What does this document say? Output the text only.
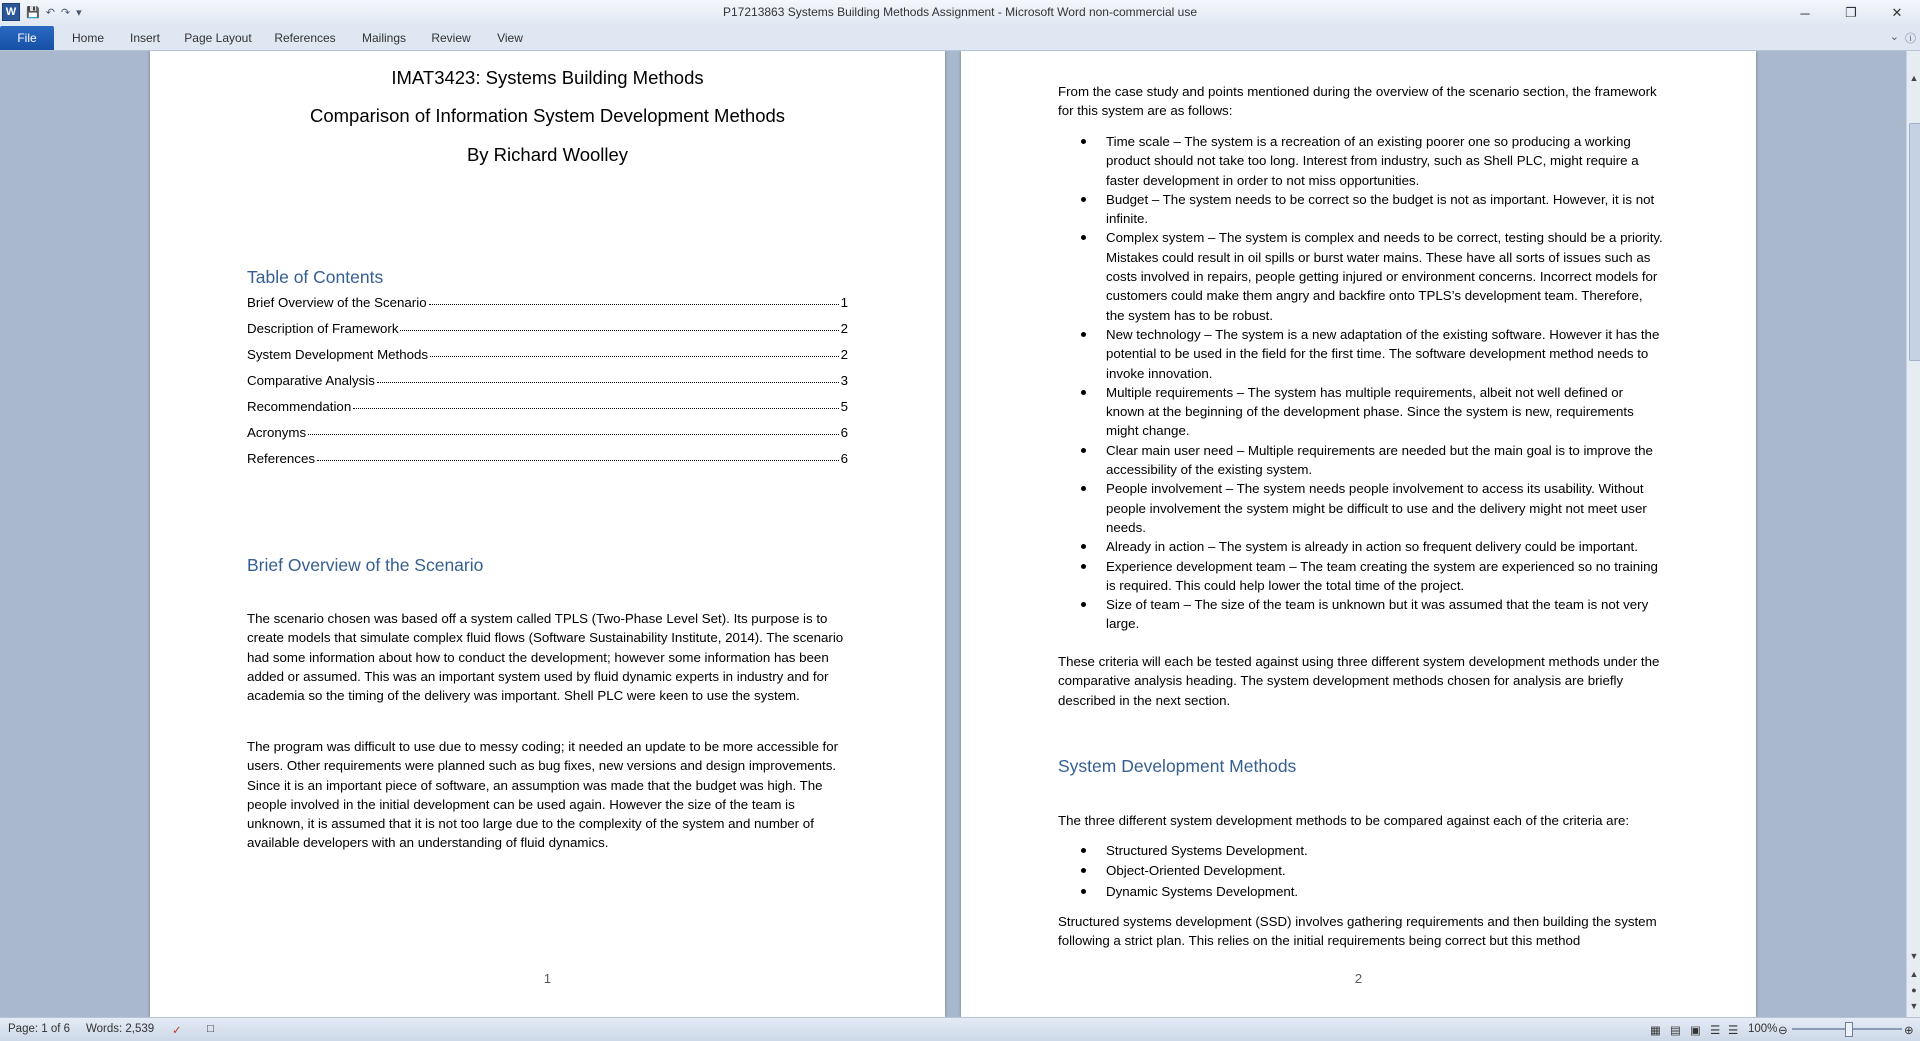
W 💾 ↶ ↷ ▾	P17213863 Systems Building Methods Assignment - Microsoft Word non-commercial use	─	❐	✕
File	Home	Insert	Page Layout	References	Mailings	Review	View	⌄ ⓘ
IMAT3423: Systems Building Methods
Comparison of Information System Development Methods
By Richard Woolley
Table of Contents
Brief Overview of the Scenario	1
Description of Framework	2
System Development Methods	2
Comparative Analysis	3
Recommendation	5
Acronyms	6
References	6
Brief Overview of the Scenario

The scenario chosen was based off a system called TPLS (Two-Phase Level Set). Its purpose is to create models that simulate complex fluid flows (Software Sustainability Institute, 2014). The scenario had some information about how to conduct the development; however some information has been added or assumed. This was an important system used by fluid dynamic experts in industry and for academia so the timing of the delivery was important. Shell PLC were keen to use the system.

The program was difficult to use due to messy coding; it needed an update to be more accessible for users. Other requirements were planned such as bug fixes, new versions and design improvements. Since it is an important piece of software, an assumption was made that the budget was high. The people involved in the initial development can be used again. However the size of the team is unknown, it is assumed that it is not too large due to the complexity of the system and number of available developers with an understanding of fluid dynamics.

1

From the case study and points mentioned during the overview of the scenario section, the framework for this system are as follows:

Time scale – The system is a recreation of an existing poorer one so producing a working product should not take too long. Interest from industry, such as Shell PLC, might require a faster development in order to not miss opportunities.
Budget – The system needs to be correct so the budget is not as important. However, it is not infinite.
Complex system – The system is complex and needs to be correct, testing should be a priority. Mistakes could result in oil spills or burst water mains. These have all sorts of issues such as costs involved in repairs, people getting injured or environment concerns. Incorrect models for customers could make them angry and backfire onto TPLS’s development team. Therefore, the system has to be robust.
New technology – The system is a new adaptation of the existing software. However it has the potential to be used in the field for the first time. The software development method needs to invoke innovation.
Multiple requirements – The system has multiple requirements, albeit not well defined or known at the beginning of the development phase. Since the system is new, requirements might change.
Clear main user need – Multiple requirements are needed but the main goal is to improve the accessibility of the existing system.
People involvement – The system needs people involvement to access its usability. Without people involvement the system might be difficult to use and the delivery might not meet user needs.
Already in action – The system is already in action so frequent delivery could be important.
Experience development team – The team creating the system are experienced so no training is required. This could help lower the total time of the project.
Size of team – The size of the team is unknown but it was assumed that the team is not very large.

These criteria will each be tested against using three different system development methods under the comparative analysis heading. The system development methods chosen for analysis are briefly described in the next section.

System Development Methods

The three different system development methods to be compared against each of the criteria are:

Structured Systems Development.
Object-Oriented Development.
Dynamic Systems Development.

Structured systems development (SSD) involves gathering requirements and then building the system following a strict plan. This relies on the initial requirements being correct but this method

2
▲
▼
▲
●
▼
Page: 1 of 6 Words: 2,539 ✓ □	▦ ▤ ▣ ☰ ☰ 100% ⊖	⊕
